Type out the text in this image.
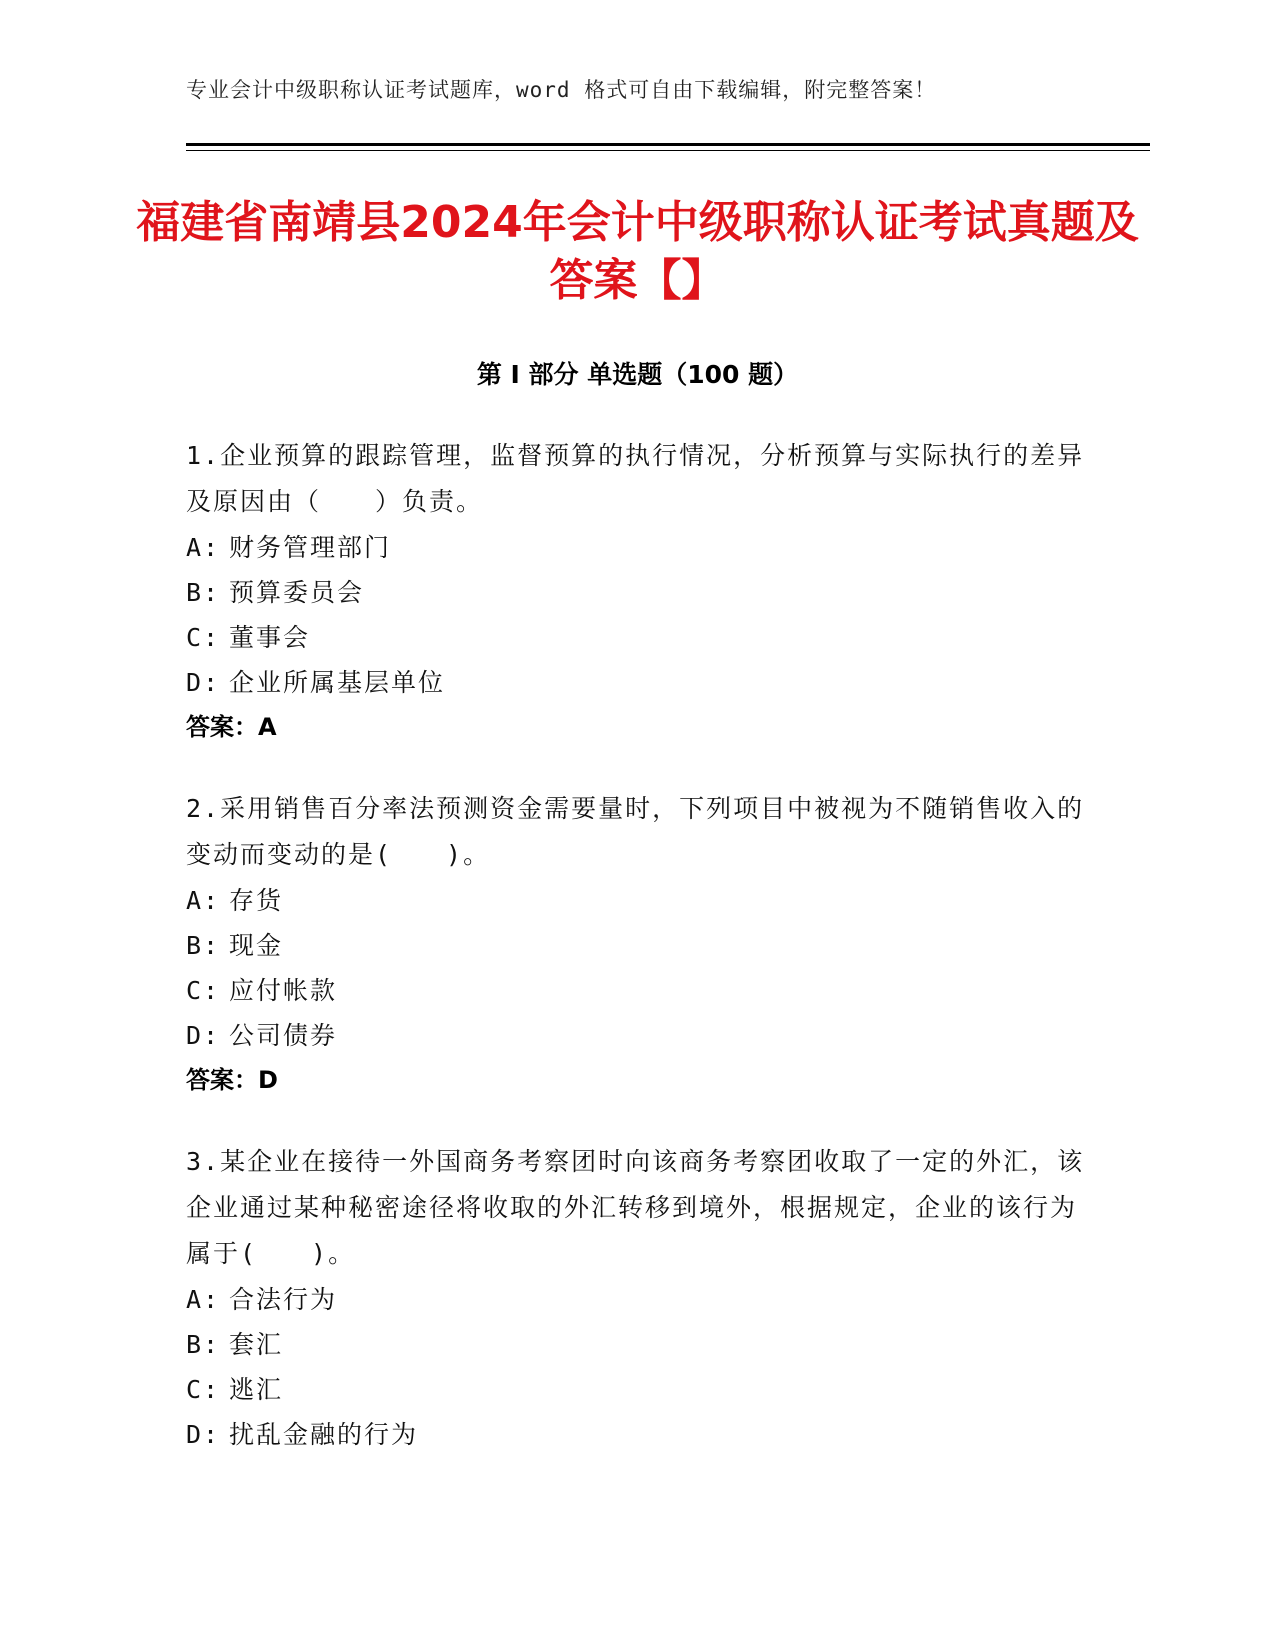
专业会计中级职称认证考试题库，word 格式可自由下载编辑，附完整答案！
福建省南靖县2024年会计中级职称认证考试真题及答案【】
第 I 部分 单选题（100 题）

1.企业预算的跟踪管理，监督预算的执行情况，分析预算与实际执行的差异及原因由（　　）负责。

A: 财务管理部门

B: 预算委员会

C: 董事会

D: 企业所属基层单位

答案：A

2.采用销售百分率法预测资金需要量时，下列项目中被视为不随销售收入的变动而变动的是(　　)。

A: 存货

B: 现金

C: 应付帐款

D: 公司债券

答案：D

3.某企业在接待一外国商务考察团时向该商务考察团收取了一定的外汇，该企业通过某种秘密途径将收取的外汇转移到境外，根据规定，企业的该行为属于(　　)。

A: 合法行为

B: 套汇

C: 逃汇

D: 扰乱金融的行为
